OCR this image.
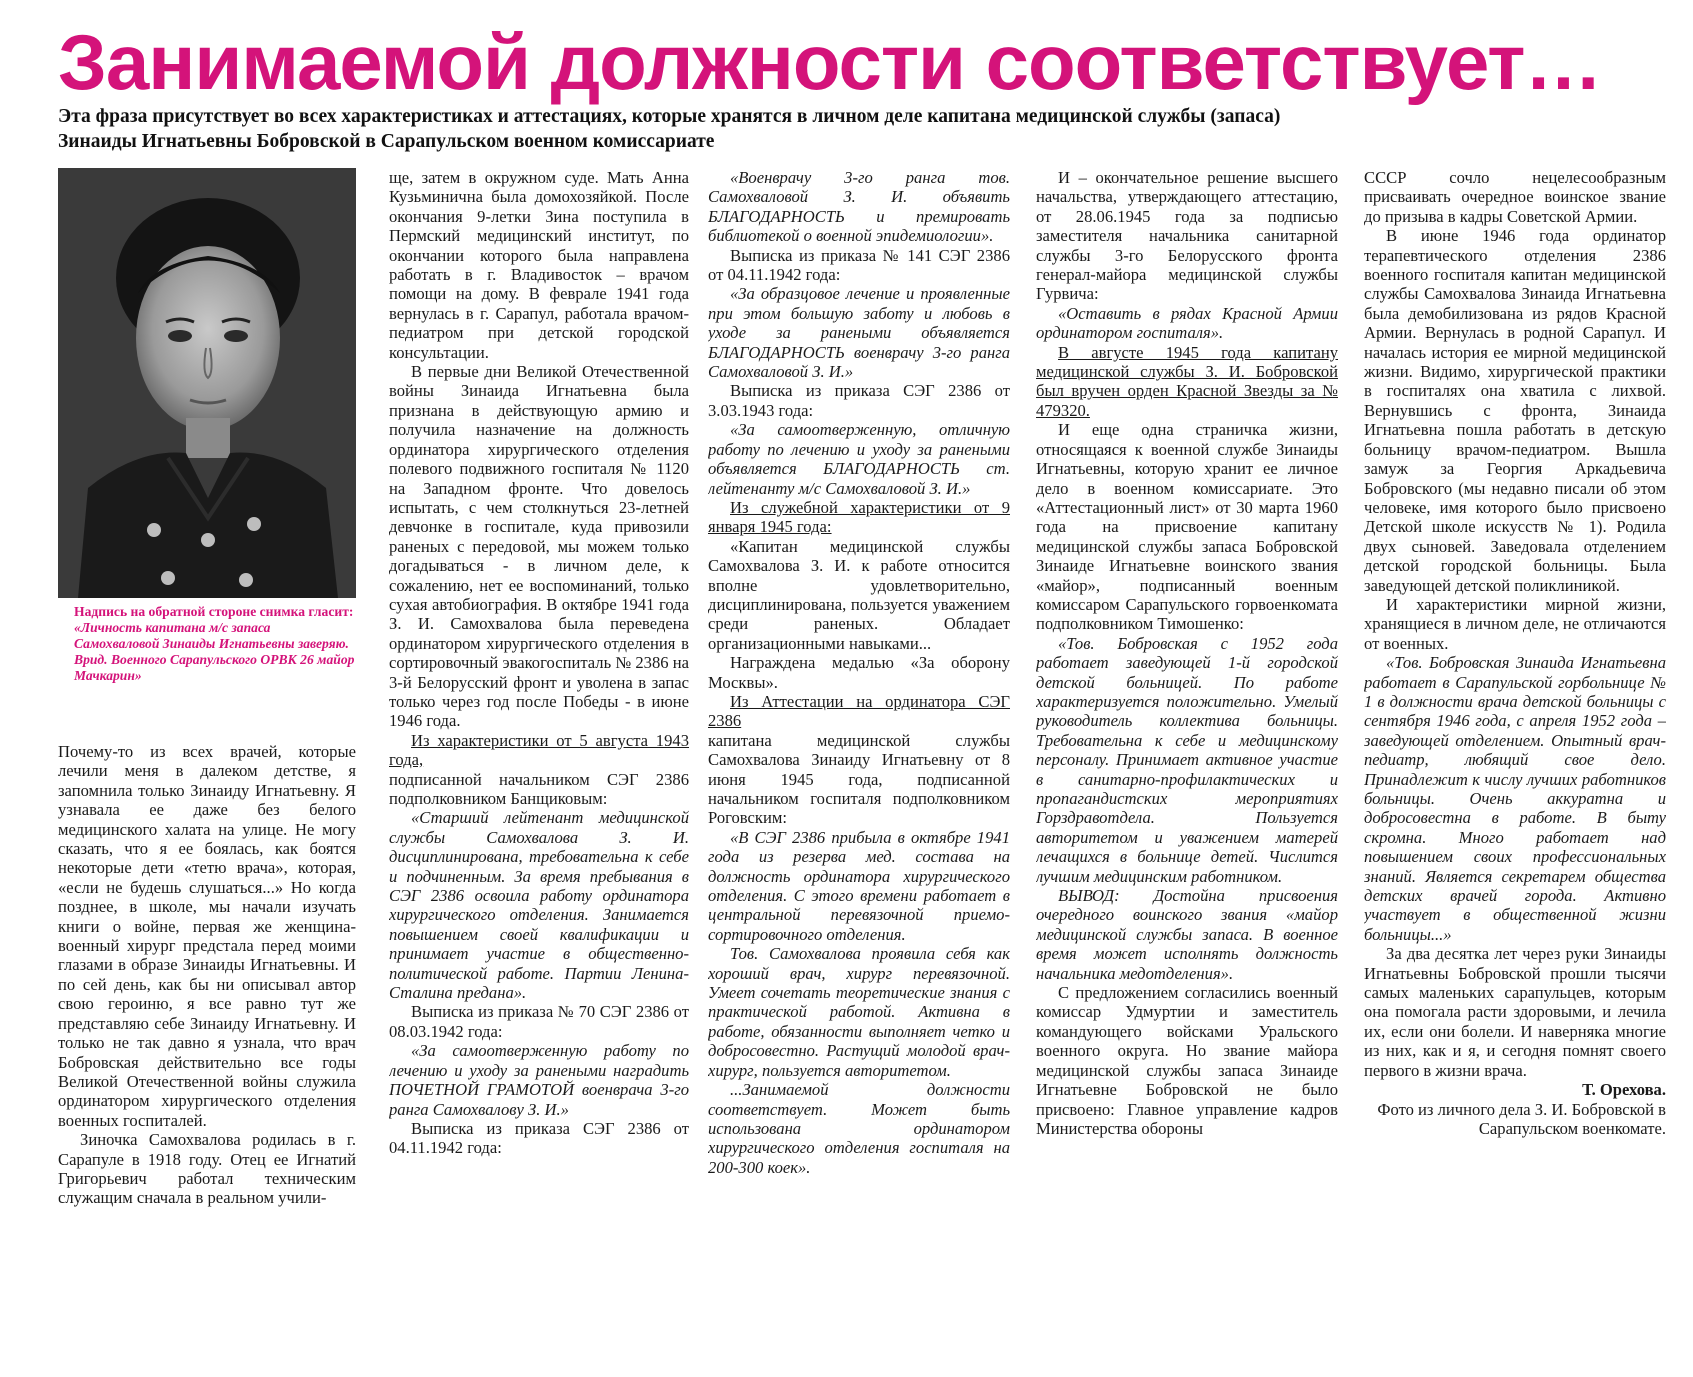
Занимаемой должности соответствует…
Эта фраза присутствует во всех характеристиках и аттестациях, которые хранятся в личном деле капитана медицинской службы (запаса)
Зинаиды Игнатьевны Бобровской в Сарапульском военном комиссариате
Надпись на обратной стороне снимка гласит:
«Личность капитана м/с запаса Самохваловой Зинаиды Игнатьевны заверяю. Врид. Военного Сарапульского ОРВК 26 майор Мачкарин»

Почему-то из всех врачей, которые лечили меня в далеком детстве, я запомнила только Зинаиду Игнатьевну. Я узнавала ее даже без белого медицинского халата на улице. Не могу сказать, что я ее боялась, как боятся некоторые дети «тетю врача», которая, «если не будешь слушаться...» Но когда позднее, в школе, мы начали изучать книги о войне, первая же женщина-военный хирург предстала перед моими глазами в образе Зинаиды Игнатьевны. И по сей день, как бы ни описывал автор свою героиню, я все равно тут же представляю себе Зинаиду Игнатьевну. И только не так давно я узнала, что врач Бобровская действительно все годы Великой Отечественной войны служила ординатором хирургического отделения военных госпиталей.

Зиночка Самохвалова родилась в г. Сарапуле в 1918 году. Отец ее Игнатий Григорьевич работал техническим служащим сначала в реальном учили-

ще, затем в окружном суде. Мать Анна Кузьминична была домохозяйкой. После окончания 9-летки Зина поступила в Пермский медицинский институт, по окончании которого была направлена работать в г. Владивосток – врачом помощи на дому. В феврале 1941 года вернулась в г. Сарапул, работала врачом-педиатром при детской городской консультации.

В первые дни Великой Отечественной войны Зинаида Игнатьевна была признана в действующую армию и получила назначение на должность ординатора хирургического отделения полевого подвижного госпиталя № 1120 на Западном фронте. Что довелось испытать, с чем столкнуться 23-летней девчонке в госпитале, куда привозили раненых с передовой, мы можем только догадываться - в личном деле, к сожалению, нет ее воспоминаний, только сухая автобиография. В октябре 1941 года З. И. Самохвалова была переведена ординатором хирургического отделения в сортировочный эвакогоспиталь № 2386 на 3-й Белорусский фронт и уволена в запас только через год после Победы - в июне 1946 года.

Из характеристики от 5 августа 1943 года,

подписанной начальником СЭГ 2386 подполковником Банщиковым:

«Старший лейтенант медицинской службы Самохвалова З. И. дисциплинирована, требовательна к себе и подчиненным. За время пребывания в СЭГ 2386 освоила работу ординатора хирургического отделения. Занимается повышением своей квалификации и принимает участие в общественно-политической работе. Партии Ленина-Сталина предана».

Выписка из приказа № 70 СЭГ 2386 от 08.03.1942 года:

«За самоотверженную работу по лечению и уходу за ранеными наградить ПОЧЕТНОЙ ГРАМОТОЙ военврача 3-го ранга Самохвалову З. И.»

Выписка из приказа СЭГ 2386 от 04.11.1942 года:

«Военврачу 3-го ранга тов. Самохваловой З. И. объявить БЛАГОДАРНОСТЬ и премировать библиотекой о военной эпидемиологии».

Выписка из приказа № 141 СЭГ 2386 от 04.11.1942 года:

«За образцовое лечение и проявленные при этом большую заботу и любовь в уходе за ранеными объявляется БЛАГОДАРНОСТЬ военврачу 3-го ранга Самохваловой З. И.»

Выписка из приказа СЭГ 2386 от 3.03.1943 года:

«За самоотверженную, отличную работу по лечению и уходу за ранеными объявляется БЛАГОДАРНОСТЬ ст. лейтенанту м/с Самохваловой З. И.»

Из служебной характеристики от 9 января 1945 года:

«Капитан медицинской службы Самохвалова З. И. к работе относится вполне удовлетворительно, дисциплинирована, пользуется уважением среди раненых. Обладает организационными навыками...

Награждена медалью «За оборону Москвы».

Из Аттестации на ординатора СЭГ 2386

капитана медицинской службы Самохвалова Зинаиду Игнатьевну от 8 июня 1945 года, подписанной начальником госпиталя подполковником Роговским:

«В СЭГ 2386 прибыла в октябре 1941 года из резерва мед. состава на должность ординатора хирургического отделения. С этого времени работает в центральной перевязочной приемо-сортировочного отделения.

Тов. Самохвалова проявила себя как хороший врач, хирург перевязочной. Умеет сочетать теоретические знания с практической работой. Активна в работе, обязанности выполняет четко и добросовестно. Растущий молодой врач-хирург, пользуется авторитетом.

...Занимаемой должности соответствует. Может быть использована ординатором хирургического отделения госпиталя на 200-300 коек».

И – окончательное решение высшего начальства, утверждающего аттестацию, от 28.06.1945 года за подписью заместителя начальника санитарной службы 3-го Белорусского фронта генерал-майора медицинской службы Гурвича:

«Оставить в рядах Красной Армии ординатором госпиталя».

В августе 1945 года капитану медицинской службы З. И. Бобровской был вручен орден Красной Звезды за № 479320.

И еще одна страничка жизни, относящаяся к военной службе Зинаиды Игнатьевны, которую хранит ее личное дело в военном комиссариате. Это «Аттестационный лист» от 30 марта 1960 года на присвоение капитану медицинской службы запаса Бобровской Зинаиде Игнатьевне воинского звания «майор», подписанный военным комиссаром Сарапульского горвоенкомата подполковником Тимошенко:

«Тов. Бобровская с 1952 года работает заведующей 1-й городской детской больницей. По работе характеризуется положительно. Умелый руководитель коллектива больницы. Требовательна к себе и медицинскому персоналу. Принимает активное участие в санитарно-профилактических и пропагандистских мероприятиях Горздравотдела. Пользуется авторитетом и уважением матерей лечащихся в больнице детей. Числится лучшим медицинским работником.

ВЫВОД: Достойна присвоения очередного воинского звания «майор медицинской службы запаса. В военное время может исполнять должность начальника медотделения».

С предложением согласились военный комиссар Удмуртии и заместитель командующего войсками Уральского военного округа. Но звание майора медицинской службы запаса Зинаиде Игнатьевне Бобровской не было присвоено: Главное управление кадров Министерства обороны

СССР сочло нецелесообразным присваивать очередное воинское звание до призыва в кадры Советской Армии.

В июне 1946 года ординатор терапевтического отделения 2386 военного госпиталя капитан медицинской службы Самохвалова Зинаида Игнатьевна была демобилизована из рядов Красной Армии. Вернулась в родной Сарапул. И началась история ее мирной медицинской жизни. Видимо, хирургической практики в госпиталях она хватила с лихвой. Вернувшись с фронта, Зинаида Игнатьевна пошла работать в детскую больницу врачом-педиатром. Вышла замуж за Георгия Аркадьевича Бобровского (мы недавно писали об этом человеке, имя которого было присвоено Детской школе искусств № 1). Родила двух сыновей. Заведовала отделением детской городской больницы. Была заведующей детской поликлиникой.

И характеристики мирной жизни, хранящиеся в личном деле, не отличаются от военных.

«Тов. Бобровская Зинаида Игнатьевна работает в Сарапульской горбольнице № 1 в должности врача детской больницы с сентября 1946 года, с апреля 1952 года – заведующей отделением. Опытный врач-педиатр, любящий свое дело. Принадлежит к числу лучших работников больницы. Очень аккуратна и добросовестна в работе. В быту скромна. Много работает над повышением своих профессиональных знаний. Является секретарем общества детских врачей города. Активно участвует в общественной жизни больницы...»

За два десятка лет через руки Зинаиды Игнатьевны Бобровской прошли тысячи самых маленьких сарапульцев, которым она помогала расти здоровыми, и лечила их, если они болели. И наверняка многие из них, как и я, и сегодня помнят своего первого в жизни врача.

Т. Орехова.

Фото из личного дела З. И. Бобровской в Сарапульском военкомате.
